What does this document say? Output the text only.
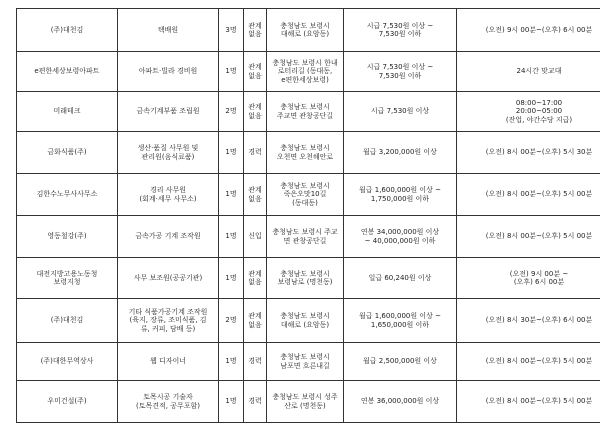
(주)대천김	택배원	3명	관계없음	충청남도 보령시
대해로 (요암동)	시급 7,530원 이상 ~
7,530원 이하	(오전) 9시 00분~(오후) 6시 00분
e편한세상보령아파트	아파트·빌라 경비원	1명	관계없음	충청남도 보령시 한내
로터리길 (동대동,
e편한세상보령)	시급 7,530원 이상 ~
7,530원 이하	24시간 맞교대
미래테크	금속기계부품 조립원	2명	관계없음	충청남도 보령시
주교면 관창공단길	시급 7,530원 이상	08:00~17:00
20:00~05:00
(잔업, 야간수당 지급)
금화식품(주)	생산·품질 사무원 및
관리원(음식료품)	1명	경력	충청남도 보령시
오천면 오천해안로	월급 3,200,000원 이상	(오전) 8시 00분~(오후) 5시 30분
김한수노무사사무소	경리 사무원
(회계·세무 사무소)	1명	관계없음	충청남도 보령시
죽은오맛10길
(동대동)	월급 1,600,000원 이상 ~
1,750,000원 이하	(오전) 8시 00분~(오후) 5시 00분
영동철강(주)	금속가공 기계 조작원	1명	신입	충청남도 보령시 주교
면 관창공단길	연봉 34,000,000원 이상
~ 40,000,000원 이하	(오전) 8시 00분~(오후) 5시 00분
대전지방고용노동청
보령지청	사무 보조원(공공기관)	1명	관계없음	충청남도 보령시
보령남로 (명천동)	일급 60,240원 이상	(오전) 9시 00분 ~
(오후) 6시 00분
(주)대천김	기타 식품가공기계 조작원
(육지, 장류, 조미식품, 김
류, 커피, 담배 등)	2명	관계없음	충청남도 보령시
대해로 (요암동)	월급 1,600,000원 이상 ~
1,650,000원 이하	(오전) 8시 30분~(오후) 6시 00분
(주)대한무역상사	웹 디자이너	1명	경력	충청남도 보령시
남포면 흐른내길	월급 2,500,000원 이상	(오전) 8시 00분~(오후) 5시 00분
우미건설(주)	토목시공 기술자
(토목견적, 공무포함)	1명	경력	충청남도 보령시 성주
산로 (명천동)	연봉 36,000,000원 이상	(오전) 8시 00분~(오후) 5시 00분
